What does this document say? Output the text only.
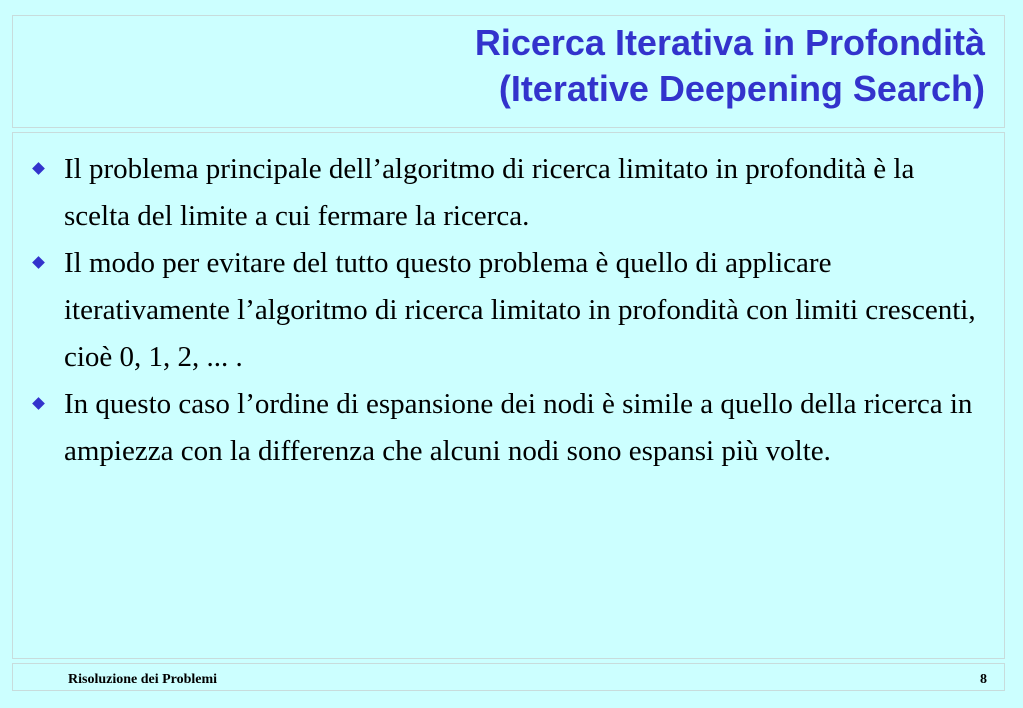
Ricerca Iterativa in Profondità
(Iterative Deepening Search)
Il problema principale dell’algoritmo di ricerca limitato in profondità è la scelta del limite a cui fermare la ricerca.
Il modo per evitare del tutto questo problema è quello di applicare iterativamente l’algoritmo di ricerca limitato in profondità con limiti crescenti, cioè 0, 1, 2, ... .
In questo caso l’ordine di espansione dei nodi è simile a quello della ricerca in ampiezza con la differenza che alcuni nodi sono espansi più volte.
Risoluzione dei Problemi	8
